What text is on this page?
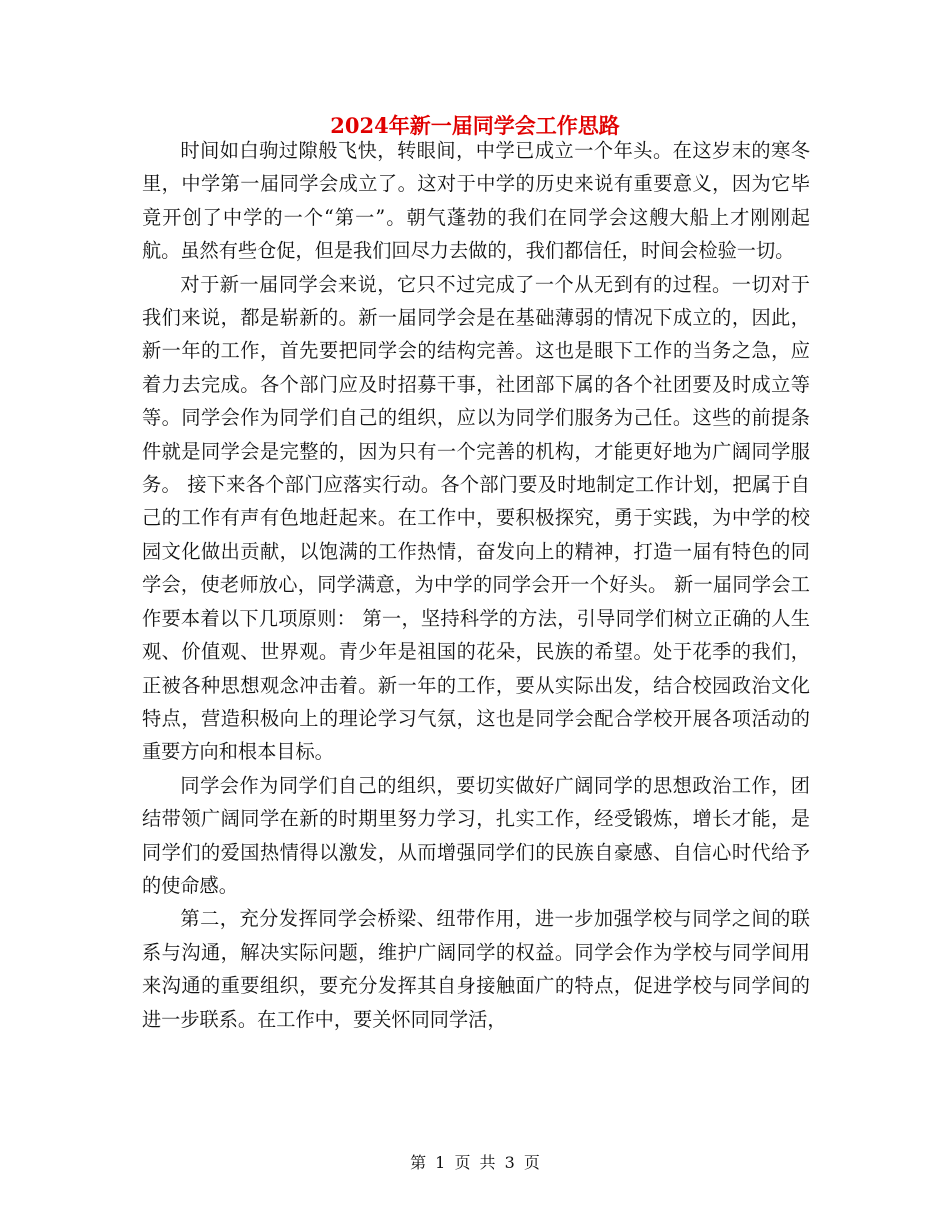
2024年新一届同学会工作思路

时间如白驹过隙般飞快，转眼间，中学已成立一个年头。在这岁末的寒冬里，中学第一届同学会成立了。这对于中学的历史来说有重要意义，因为它毕竟开创了中学的一个“第一”。朝气蓬勃的我们在同学会这艘大船上才刚刚起航。虽然有些仓促，但是我们回尽力去做的，我们都信任，时间会检验一切。

对于新一届同学会来说，它只不过完成了一个从无到有的过程。一切对于我们来说，都是崭新的。新一届同学会是在基础薄弱的情况下成立的，因此，新一年的工作，首先要把同学会的结构完善。这也是眼下工作的当务之急，应着力去完成。各个部门应及时招募干事，社团部下属的各个社团要及时成立等等。同学会作为同学们自己的组织，应以为同学们服务为己任。这些的前提条件就是同学会是完整的，因为只有一个完善的机构，才能更好地为广阔同学服务。 接下来各个部门应落实行动。各个部门要及时地制定工作计划，把属于自己的工作有声有色地赶起来。在工作中，要积极探究，勇于实践，为中学的校园文化做出贡献，以饱满的工作热情，奋发向上的精神，打造一届有特色的同学会，使老师放心，同学满意，为中学的同学会开一个好头。 新一届同学会工作要本着以下几项原则： 第一，坚持科学的方法，引导同学们树立正确的人生观、价值观、世界观。青少年是祖国的花朵，民族的希望。处于花季的我们，正被各种思想观念冲击着。新一年的工作，要从实际出发，结合校园政治文化特点，营造积极向上的理论学习气氛，这也是同学会配合学校开展各项活动的重要方向和根本目标。

同学会作为同学们自己的组织，要切实做好广阔同学的思想政治工作，团结带领广阔同学在新的时期里努力学习，扎实工作，经受锻炼，增长才能，是同学们的爱国热情得以激发，从而增强同学们的民族自豪感、自信心时代给予的使命感。

第二，充分发挥同学会桥梁、纽带作用，进一步加强学校与同学之间的联系与沟通，解决实际问题，维护广阔同学的权益。同学会作为学校与同学间用来沟通的重要组织，要充分发挥其自身接触面广的特点，促进学校与同学间的进一步联系。在工作中，要关怀同同学活，

第 1 页 共 3 页
